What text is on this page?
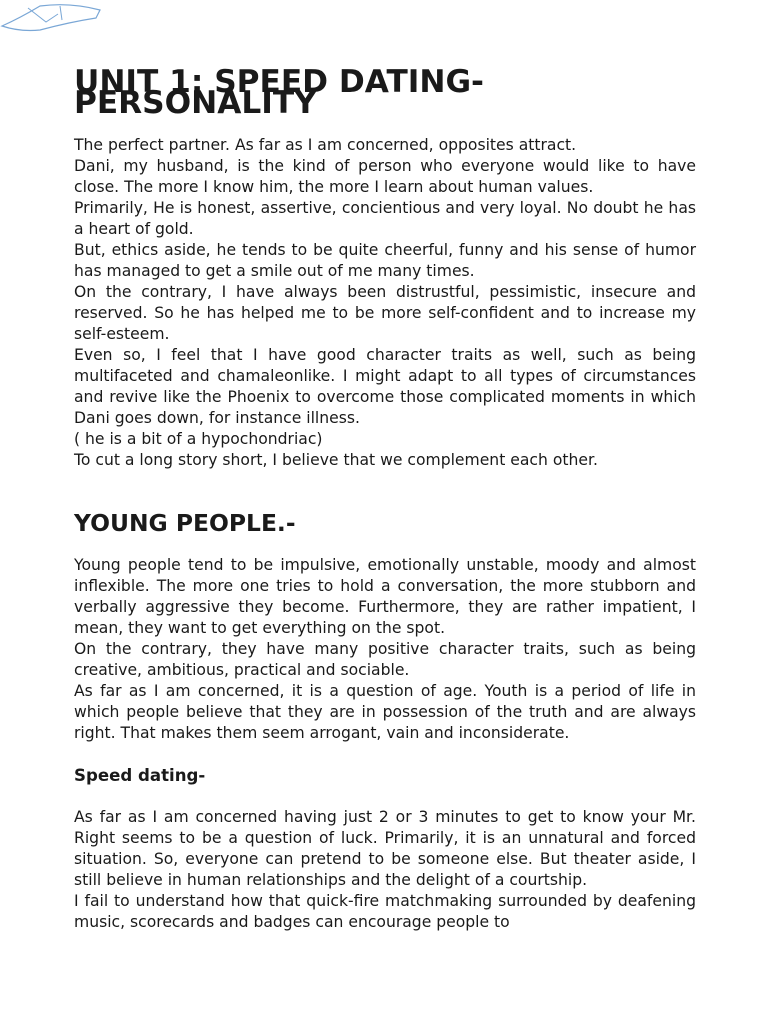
UNIT 1: SPEED DATING-PERSONALITY

The perfect partner. As far as I am concerned, opposites attract.

Dani, my husband, is the kind of person who everyone would like to have close. The more I know him, the more I learn about human values.

Primarily, He is honest, assertive, concientious and very loyal. No doubt he has a heart of gold.

But, ethics aside, he tends to be quite cheerful, funny and his sense of humor has managed to get a smile out of me many times.

On the contrary, I have always been distrustful, pessimistic, insecure and reserved. So he has helped me to be more self-confident and to increase my self-esteem.

Even so, I feel that I have good character traits as well, such as being multifaceted and chamaleonlike. I might adapt to all types of circumstances and revive like the Phoenix to overcome those complicated moments in which Dani goes down, for instance illness.

( he is a bit of a hypochondriac)

To cut a long story short, I believe that we complement each other.

YOUNG PEOPLE.-

Young people tend to be impulsive, emotionally unstable, moody and almost inflexible. The more one tries to hold a conversation, the more stubborn and verbally aggressive they become. Furthermore, they are rather impatient, I mean, they want to get everything on the spot.

On the contrary, they have many positive character traits, such as being creative, ambitious, practical and sociable.

As far as I am concerned, it is a question of age. Youth is a period of life in which people believe that they are in possession of the truth and are always right. That makes them seem arrogant, vain and inconsiderate.

Speed dating-

As far as I am concerned having just 2 or 3 minutes to get to know your Mr. Right seems to be a question of luck. Primarily, it is an unnatural and forced situation. So, everyone can pretend to be someone else. But theater aside, I still believe in human relationships and the delight of a courtship.

I fail to understand how that quick-fire matchmaking surrounded by deafening music, scorecards and badges can encourage people to
